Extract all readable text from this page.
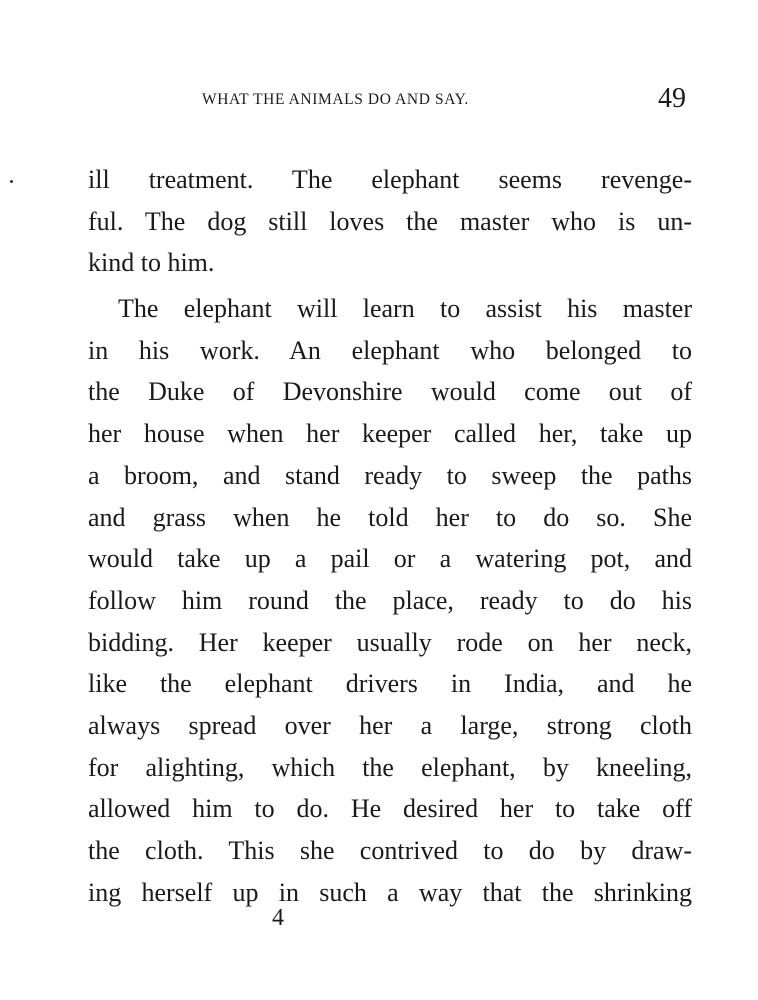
WHAT THE ANIMALS DO AND SAY.	49
ill treatment. The elephant seems revenge-
ful. The dog still loves the master who is un-
kind to him.
The elephant will learn to assist his master
in his work. An elephant who belonged to
the Duke of Devonshire would come out of
her house when her keeper called her, take up
a broom, and stand ready to sweep the paths
and grass when he told her to do so. She
would take up a pail or a watering pot, and
follow him round the place, ready to do his
bidding. Her keeper usually rode on her neck,
like the elephant drivers in India, and he
always spread over her a large, strong cloth
for alighting, which the elephant, by kneeling,
allowed him to do. He desired her to take off
the cloth. This she contrived to do by draw-
ing herself up in such a way that the shrinking
4
